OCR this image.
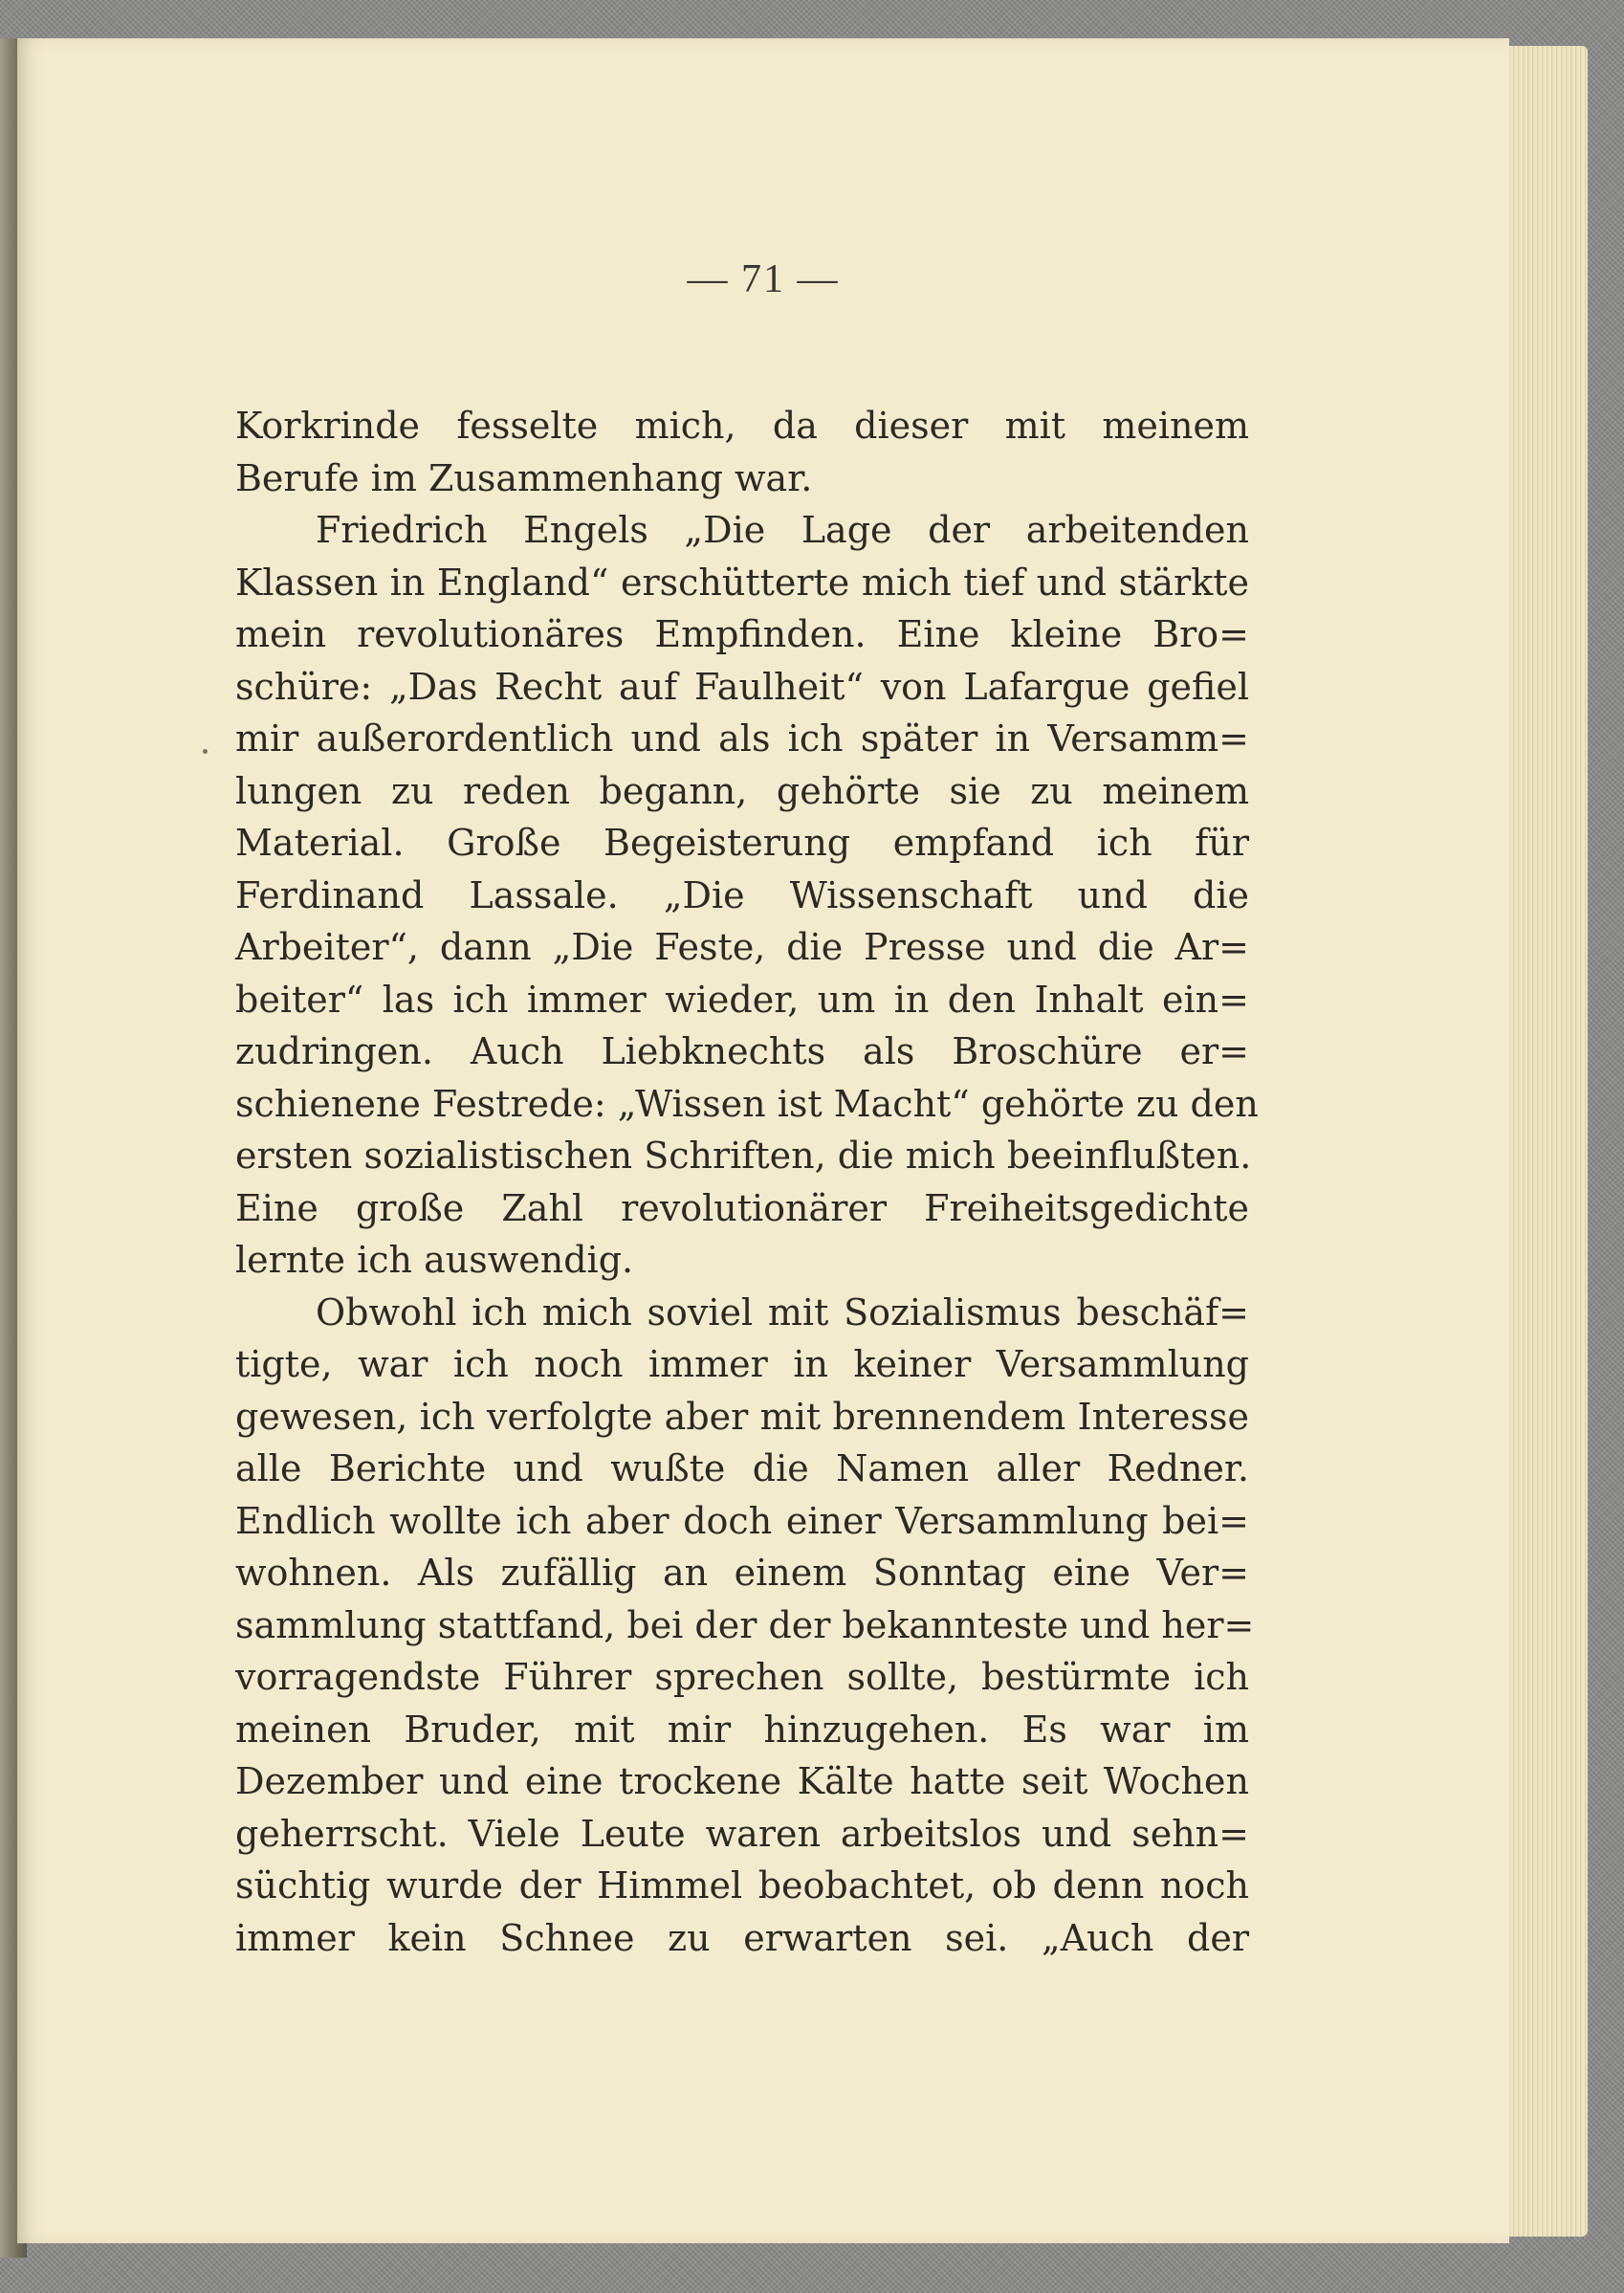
— 71 —

Korkrinde fesselte mich, da dieser mit meinem
Berufe im Zusammenhang war.
Friedrich Engels „Die Lage der arbeitenden
Klassen in England“ erschütterte mich tief und stärkte
mein revolutionäres Empfinden. Eine kleine Bro=
schüre: „Das Recht auf Faulheit“ von Lafargue gefiel
mir außerordentlich und als ich später in Versamm=
lungen zu reden begann, gehörte sie zu meinem
Material. Große Begeisterung empfand ich für
Ferdinand Lassale. „Die Wissenschaft und die
Arbeiter“, dann „Die Feste, die Presse und die Ar=
beiter“ las ich immer wieder, um in den Inhalt ein=
zudringen. Auch Liebknechts als Broschüre er=
schienene Festrede: „Wissen ist Macht“ gehörte zu den
ersten sozialistischen Schriften, die mich beeinflußten.
Eine große Zahl revolutionärer Freiheitsgedichte
lernte ich auswendig.
Obwohl ich mich soviel mit Sozialismus beschäf=
tigte, war ich noch immer in keiner Versammlung
gewesen, ich verfolgte aber mit brennendem Interesse
alle Berichte und wußte die Namen aller Redner.
Endlich wollte ich aber doch einer Versammlung bei=
wohnen. Als zufällig an einem Sonntag eine Ver=
sammlung stattfand, bei der der bekannteste und her=
vorragendste Führer sprechen sollte, bestürmte ich
meinen Bruder, mit mir hinzugehen. Es war im
Dezember und eine trockene Kälte hatte seit Wochen
geherrscht. Viele Leute waren arbeitslos und sehn=
süchtig wurde der Himmel beobachtet, ob denn noch
immer kein Schnee zu erwarten sei. „Auch der
